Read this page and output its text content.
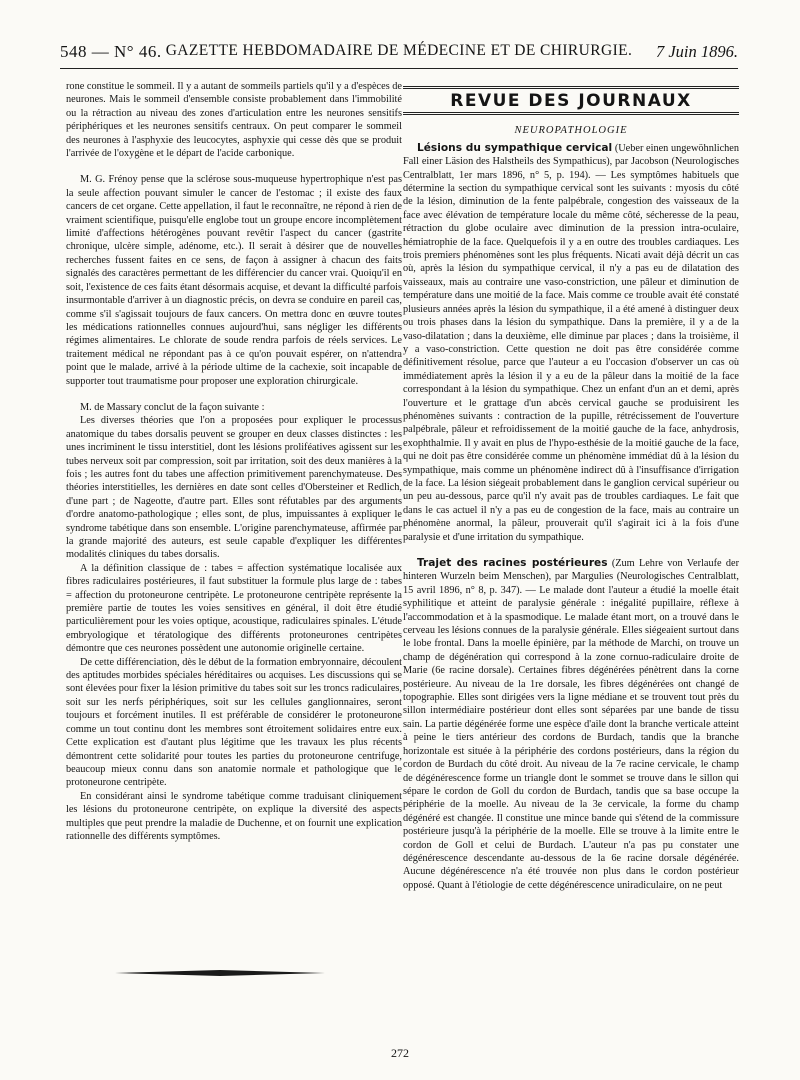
548 — N° 46. GAZETTE HEBDOMADAIRE DE MÉDECINE ET DE CHIRURGIE.	7 Juin 1896.

rone constitue le sommeil. Il y a autant de sommeils partiels qu'il y a d'espèces de neurones. Mais le sommeil d'ensemble consiste probablement dans l'immobilité ou la rétraction au niveau des zones d'articulation entre les neurones sensitifs périphériques et les neurones sensitifs centraux. On peut comparer le sommeil des neurones à l'asphyxie des leucocytes, asphyxie qui cesse dès que se produit l'arrivée de l'oxygène et le départ de l'acide carbonique.

M. G. Frénoy pense que la sclérose sous-muqueuse hypertrophique n'est pas la seule affection pouvant simuler le cancer de l'estomac ; il existe des faux cancers de cet organe. Cette appellation, il faut le reconnaître, ne répond à rien de vraiment scientifique, puisqu'elle englobe tout un groupe encore incomplètement limité d'affections hétérogènes pouvant revêtir l'aspect du cancer (gastrite chronique, ulcère simple, adénome, etc.). Il serait à désirer que de nouvelles recherches fussent faites en ce sens, de façon à assigner à chacun des faits signalés des caractères permettant de les différencier du cancer vrai. Quoiqu'il en soit, l'existence de ces faits étant désormais acquise, et devant la difficulté parfois insurmontable d'arriver à un diagnostic précis, on devra se conduire en pareil cas, comme s'il s'agissait toujours de faux cancers. On mettra donc en œuvre toutes les médications rationnelles connues aujourd'hui, sans négliger les différents régimes alimentaires. Le chlorate de soude rendra parfois de réels services. Le traitement médical ne répondant pas à ce qu'on pouvait espérer, on n'attendra point que le malade, arrivé à la période ultime de la cachexie, soit incapable de supporter tout traumatisme pour proposer une exploration chirurgicale.

M. de Massary conclut de la façon suivante :

Les diverses théories que l'on a proposées pour expliquer le processus anatomique du tabes dorsalis peuvent se grouper en deux classes distinctes : les unes incriminent le tissu interstitiel, dont les lésions proliféatives agissent sur les tubes nerveux soit par compression, soit par irritation, soit des deux manières à la fois ; les autres font du tabes une affection primitivement parenchymateuse. Des théories interstitielles, les dernières en date sont celles d'Obersteiner et Redlich, d'une part ; de Nageotte, d'autre part. Elles sont réfutables par des arguments d'ordre anatomo-pathologique ; elles sont, de plus, impuissantes à expliquer le syndrome tabétique dans son ensemble. L'origine parenchymateuse, affirmée par la grande majorité des auteurs, est seule capable d'expliquer les différentes modalités cliniques du tabes dorsalis.

A la définition classique de : tabes = affection systématique localisée aux fibres radiculaires postérieures, il faut substituer la formule plus large de : tabes = affection du protoneurone centripète. Le protoneurone centripète représente la première partie de toutes les voies sensitives en général, il doit être étudié particulièrement pour les voies optique, acoustique, radiculaires spinales. L'étude embryologique et tératologique des différents protoneurones centripètes démontre que ces neurones possèdent une autonomie originelle certaine.

De cette différenciation, dès le début de la formation embryonnaire, découlent des aptitudes morbides spéciales héréditaires ou acquises. Les discussions qui se sont élevées pour fixer la lésion primitive du tabes soit sur les troncs radiculaires, soit sur les nerfs périphériques, soit sur les cellules ganglionnaires, seront toujours et forcément inutiles. Il est préférable de considérer le protoneurone comme un tout continu dont les membres sont étroitement solidaires entre eux. Cette explication est d'autant plus légitime que les travaux les plus récents démontrent cette solidarité pour toutes les parties du protoneurone centrifuge, beaucoup mieux connu dans son anatomie normale et pathologique que le protoneurone centripète.

En considérant ainsi le syndrome tabétique comme traduisant cliniquement les lésions du protoneurone centripète, on explique la diversité des aspects multiples que peut prendre la maladie de Duchenne, et on fournit une explication rationnelle des différents symptômes.

REVUE DES JOURNAUX
NEUROPATHOLOGIE

Lésions du sympathique cervical (Ueber einen ungewöhnlichen Fall einer Läsion des Halstheils des Sympathicus), par Jacobson (Neurologisches Centralblatt, 1er mars 1896, n° 5, p. 194). — Les symptômes habituels que détermine la section du sympathique cervical sont les suivants : myosis du côté de la lésion, diminution de la fente palpébrale, congestion des vaisseaux de la face avec élévation de température locale du même côté, sécheresse de la peau, rétraction du globe oculaire avec diminution de la pression intra-oculaire, hémiatrophie de la face. Quelquefois il y a en outre des troubles cardiaques. Les trois premiers phénomènes sont les plus fréquents. Nicati avait déjà décrit un cas où, après la lésion du sympathique cervical, il n'y a pas eu de dilatation des vaisseaux, mais au contraire une vaso-constriction, une pâleur et diminution de température dans une moitié de la face. Mais comme ce trouble avait été constaté plusieurs années après la lésion du sympathique, il a été amené à distinguer deux ou trois phases dans la lésion du sympathique. Dans la première, il y a de la vaso-dilatation ; dans la deuxième, elle diminue par places ; dans la troisième, il y a vaso-constriction. Cette question ne doit pas être considérée comme définitivement résolue, parce que l'auteur a eu l'occasion d'observer un cas où immédiatement après la lésion il y a eu de la pâleur dans la moitié de la face correspondant à la lésion du sympathique. Chez un enfant d'un an et demi, après l'ouverture et le grattage d'un abcès cervical gauche se produisirent les phénomènes suivants : contraction de la pupille, rétrécissement de l'ouverture palpébrale, pâleur et refroidissement de la moitié gauche de la face, anhydrosis, exophthalmie. Il y avait en plus de l'hypo-esthésie de la moitié gauche de la face, qui ne doit pas être considérée comme un phénomène immédiat dû à la lésion du sympathique, mais comme un phénomène indirect dû à l'insuffisance d'irrigation de la face. La lésion siégeait probablement dans le ganglion cervical supérieur ou un peu au-dessous, parce qu'il n'y avait pas de troubles cardiaques. Le fait que dans le cas actuel il n'y a pas eu de congestion de la face, mais au contraire un phénomène anormal, la pâleur, prouverait qu'il s'agirait ici à la fois d'une paralysie et d'une irritation du sympathique.

Trajet des racines postérieures (Zum Lehre von Verlaufe der hinteren Wurzeln beim Menschen), par Margulies (Neurologisches Centralblatt, 15 avril 1896, n° 8, p. 347). — Le malade dont l'auteur a étudié la moelle était syphilitique et atteint de paralysie générale : inégalité pupillaire, réflexe à l'accommodation et à la spasmodique. Le malade étant mort, on a trouvé dans le cerveau les lésions connues de la paralysie générale. Elles siégeaient surtout dans le lobe frontal. Dans la moelle épinière, par la méthode de Marchi, on trouve un champ de dégénération qui correspond à la zone cornuo-radiculaire droite de Marie (6e racine dorsale). Certaines fibres dégénérées pénètrent dans la corne postérieure. Au niveau de la 1re dorsale, les fibres dégénérées ont changé de topographie. Elles sont dirigées vers la ligne médiane et se trouvent tout près du sillon intermédiaire postérieur dont elles sont séparées par une bande de tissu sain. La partie dégénérée forme une espèce d'aile dont la branche verticale atteint à peine le tiers antérieur des cordons de Burdach, tandis que la branche horizontale est située à la périphérie des cordons postérieurs, dans la région du cordon de Burdach du côté droit. Au niveau de la 7e racine cervicale, le champ de dégénérescence forme un triangle dont le sommet se trouve dans le sillon qui sépare le cordon de Goll du cordon de Burdach, tandis que sa base occupe la périphérie de la moelle. Au niveau de la 3e cervicale, la forme du champ dégénéré est changée. Il constitue une mince bande qui s'étend de la commissure postérieure jusqu'à la périphérie de la moelle. Elle se trouve à la limite entre le cordon de Goll et celui de Burdach. L'auteur n'a pas pu constater une dégénérescence descendante au-dessous de la 6e racine dorsale dégénérée. Aucune dégénérescence n'a été trouvée non plus dans le cordon postérieur opposé. Quant à l'étiologie de cette dégénérescence uniradiculaire, on ne peut

272
